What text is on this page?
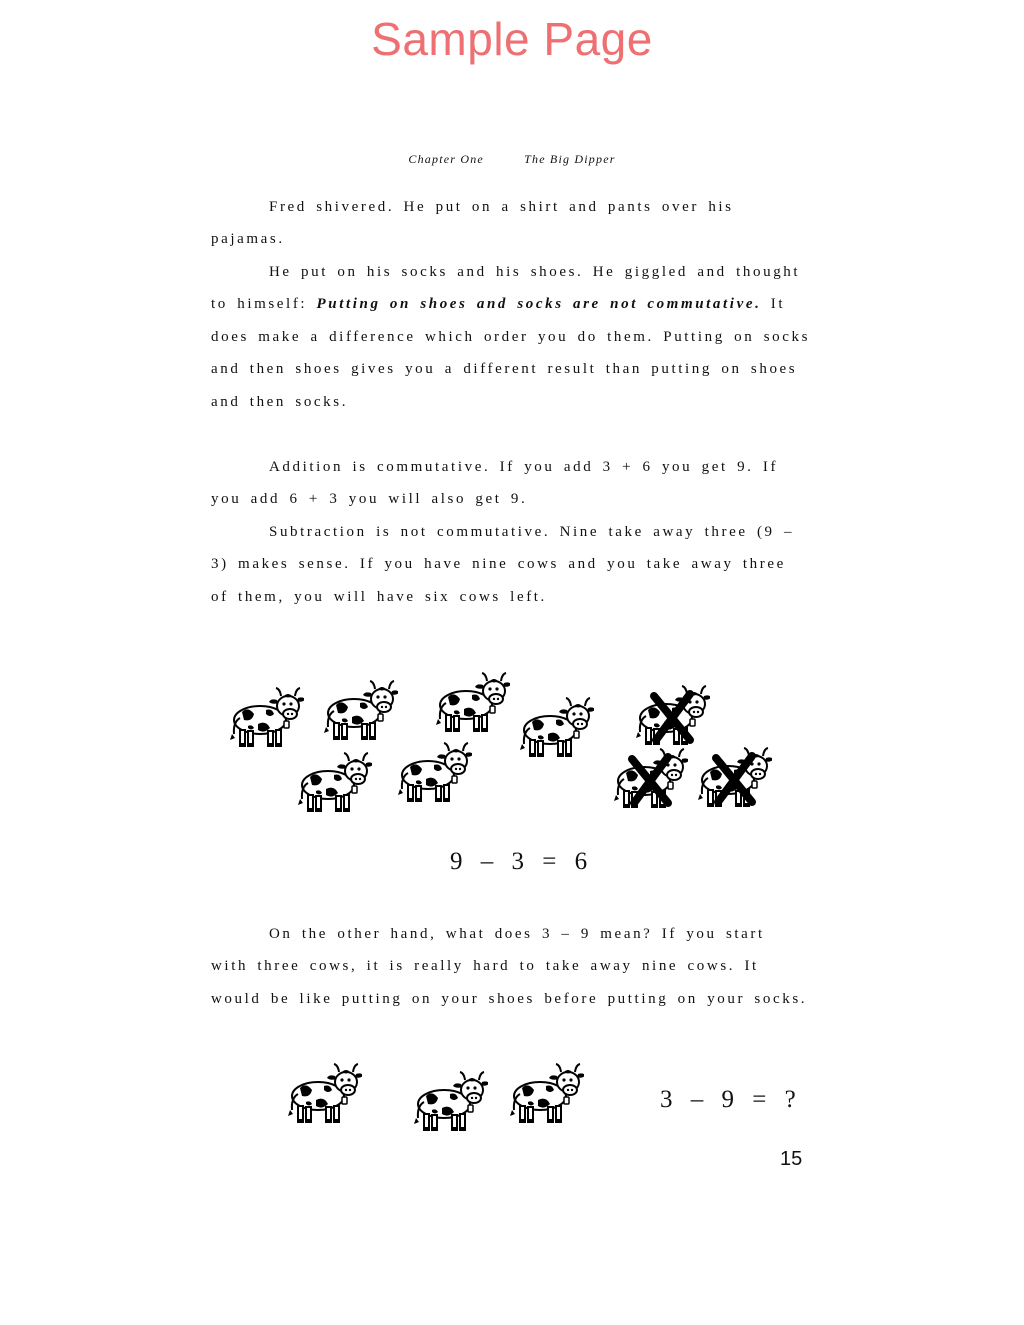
Sample Page
Chapter One	The Big Dipper

Fred shivered. He put on a shirt and pants over his pajamas.

He put on his socks and his shoes. He giggled and thought to himself: Putting on shoes and socks are not commutative. It does make a difference which order you do them. Putting on socks and then shoes gives you a different result than putting on shoes and then socks.

Addition is commutative. If you add 3 + 6 you get 9. If you add 6 + 3 you will also get 9.

Subtraction is not commutative. Nine take away three (9 – 3) makes sense. If you have nine cows and you take away three of them, you will have six cows left.

On the other hand, what does 3 – 9 mean? If you start with three cows, it is really hard to take away nine cows. It would be like putting on your shoes before putting on your socks.

9 – 3 = 6
3 – 9 = ?
15
